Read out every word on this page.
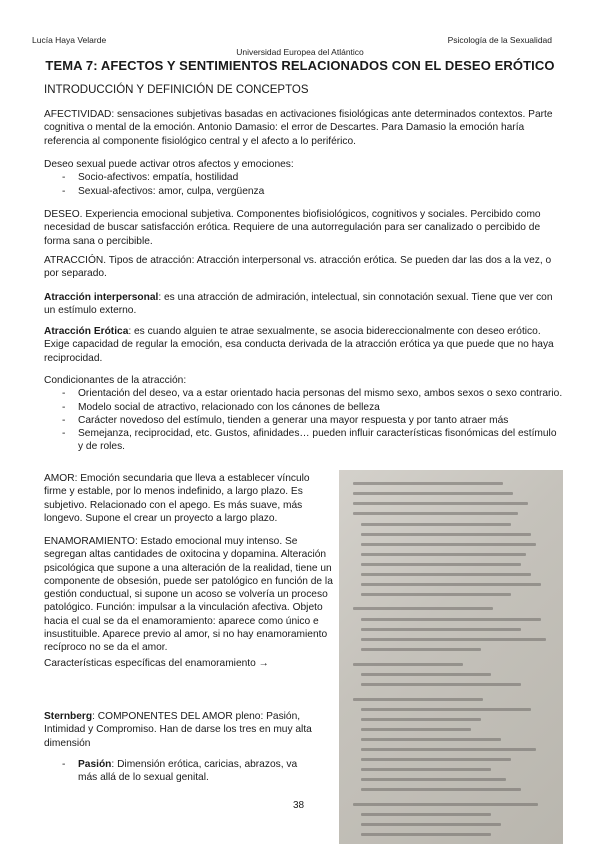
Lucía Haya Velarde	Psicología de la Sexualidad
Universidad Europea del Atlántico
TEMA 7: AFECTOS Y SENTIMIENTOS RELACIONADOS CON EL DESEO ERÓTICO
INTRODUCCIÓN Y DEFINICIÓN DE CONCEPTOS

AFECTIVIDAD: sensaciones subjetivas basadas en activaciones fisiológicas ante determinados contextos. Parte cognitiva o mental de la emoción. Antonio Damasio: el error de Descartes. Para Damasio la emoción haría referencia al componente fisiológico central y el afecto a lo periférico.

Deseo sexual puede activar otros afectos y emociones:

- Socio-afectivos: empatía, hostilidad
- Sexual-afectivos: amor, culpa, vergüenza

DESEO. Experiencia emocional subjetiva. Componentes biofisiológicos, cognitivos y sociales. Percibido como necesidad de buscar satisfacción erótica. Requiere de una autorregulación para ser canalizado o percibido de forma sana o percibible.

ATRACCIÓN. Tipos de atracción: Atracción interpersonal vs. atracción erótica. Se pueden dar las dos a la vez, o por separado.

Atracción interpersonal: es una atracción de admiración, intelectual, sin connotación sexual. Tiene que ver con un estímulo externo.

Atracción Erótica: es cuando alguien te atrae sexualmente, se asocia bidereccionalmente con deseo erótico. Exige capacidad de regular la emoción, esa conducta derivada de la atracción erótica ya que puede que no haya reciprocidad.

Condicionantes de la atracción:

- Orientación del deseo, va a estar orientado hacia personas del mismo sexo, ambos sexos o sexo contrario.
- Modelo social de atractivo, relacionado con los cánones de belleza
- Carácter novedoso del estímulo, tienden a generar una mayor respuesta y por tanto atraer más
- Semejanza, reciprocidad, etc. Gustos, afinidades… pueden influir características fisonómicas del estímulo y de roles.

AMOR: Emoción secundaria que lleva a establecer vínculo firme y estable, por lo menos indefinido, a largo plazo. Es subjetivo. Relacionado con el apego. Es más suave, más longevo. Supone el crear un proyecto a largo plazo.

ENAMORAMIENTO: Estado emocional muy intenso. Se segregan altas cantidades de oxitocina y dopamina. Alteración psicológica que supone a una alteración de la realidad, tiene un componente de obsesión, puede ser patológico en función de la gestión conductual, si supone un acoso se volvería un proceso patológico. Función: impulsar a la vinculación afectiva. Objeto hacia el cual se da el enamoramiento: aparece como único e insustituible. Aparece previo al amor, si no hay enamoramiento recíproco no se da el amor.

Características específicas del enamoramiento →

Sternberg: COMPONENTES DEL AMOR pleno: Pasión, Intimidad y Compromiso. Han de darse los tres en muy alta dimensión

- Pasión: Dimensión erótica, caricias, abrazos, va más allá de lo sexual genital.
38
